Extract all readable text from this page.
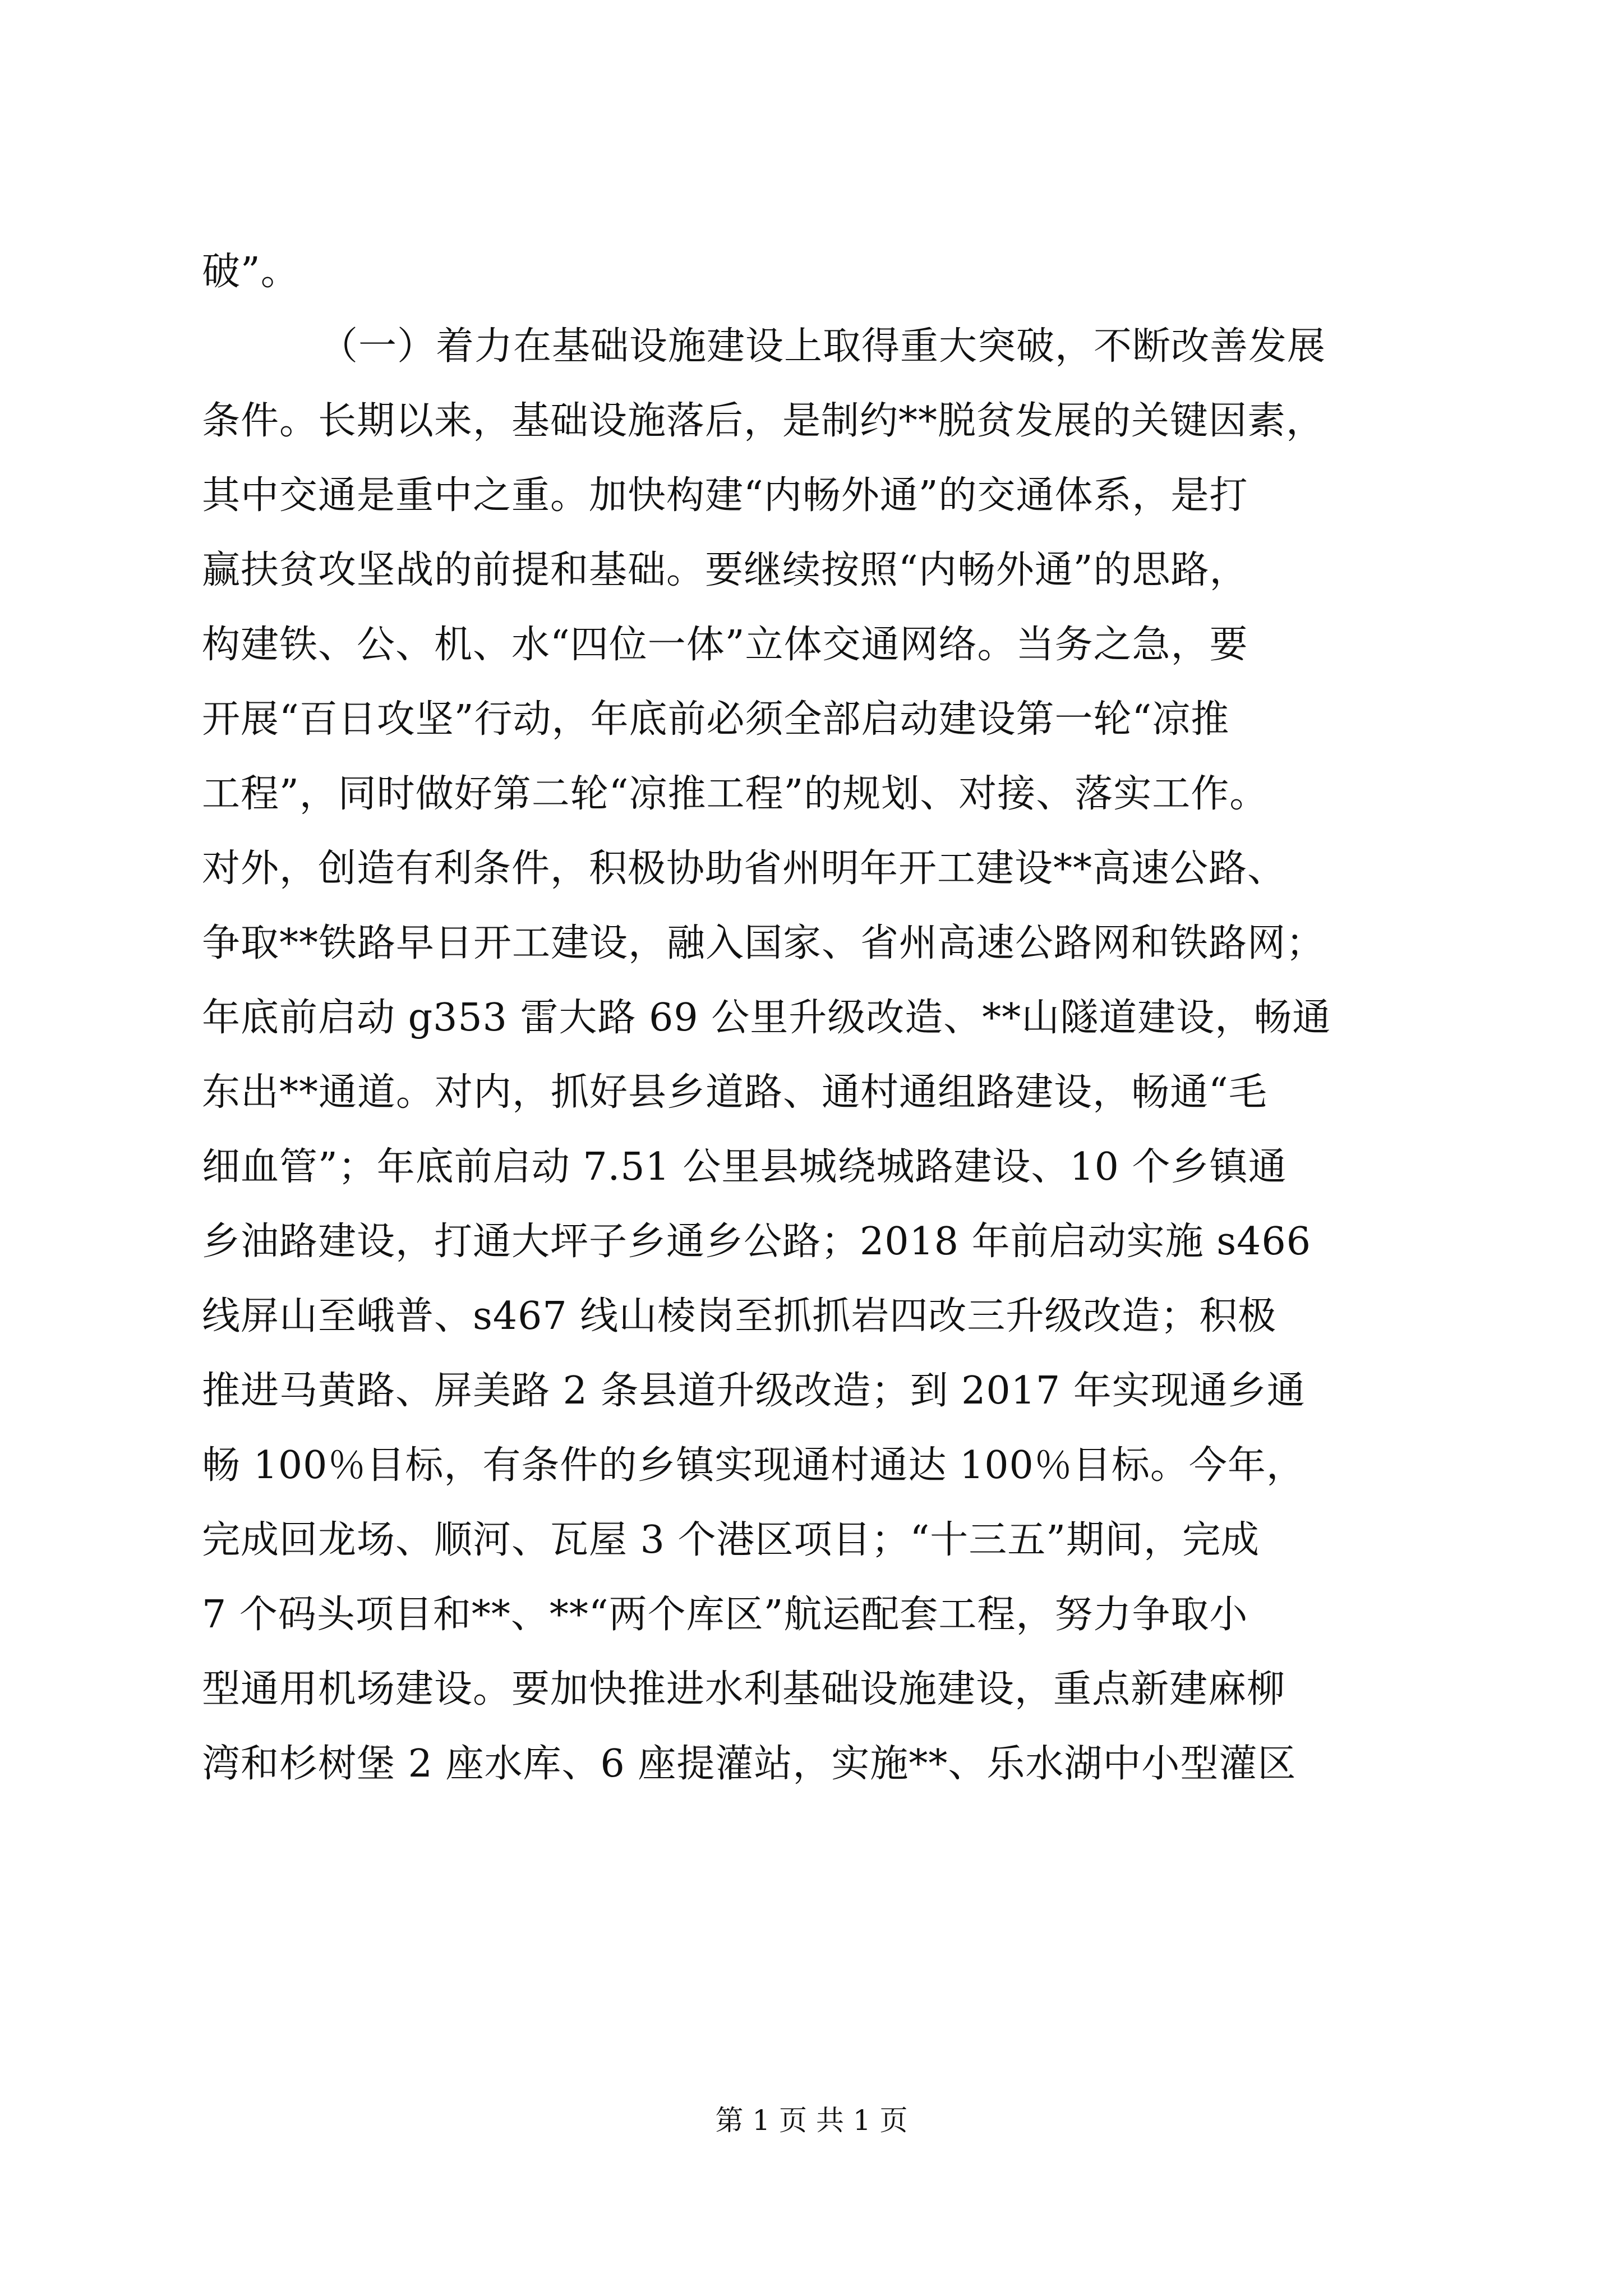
破”。
（一）着力在基础设施建设上取得重大突破，不断改善发展
条件。长期以来，基础设施落后，是制约**脱贫发展的关键因素，
其中交通是重中之重。加快构建“内畅外通”的交通体系，是打
赢扶贫攻坚战的前提和基础。要继续按照“内畅外通”的思路，
构建铁、公、机、水“四位一体”立体交通网络。当务之急，要
开展“百日攻坚”行动，年底前必须全部启动建设第一轮“凉推
工程”，同时做好第二轮“凉推工程”的规划、对接、落实工作。
对外，创造有利条件，积极协助省州明年开工建设**高速公路、
争取**铁路早日开工建设，融入国家、省州高速公路网和铁路网；
年底前启动 g353 雷大路 69 公里升级改造、**山隧道建设，畅通
东出**通道。对内，抓好县乡道路、通村通组路建设，畅通“毛
细血管”；年底前启动 7.51 公里县城绕城路建设、10 个乡镇通
乡油路建设，打通大坪子乡通乡公路；2018 年前启动实施 s466
线屏山至峨普、s467 线山棱岗至抓抓岩四改三升级改造；积极
推进马黄路、屏美路 2 条县道升级改造；到 2017 年实现通乡通
畅 100％目标，有条件的乡镇实现通村通达 100％目标。今年，
完成回龙场、顺河、瓦屋 3 个港区项目；“十三五”期间，完成
7 个码头项目和**、**“两个库区”航运配套工程，努力争取小
型通用机场建设。要加快推进水利基础设施建设，重点新建麻柳
湾和杉树堡 2 座水库、6 座提灌站，实施**、乐水湖中小型灌区
第 1 页 共 1 页
